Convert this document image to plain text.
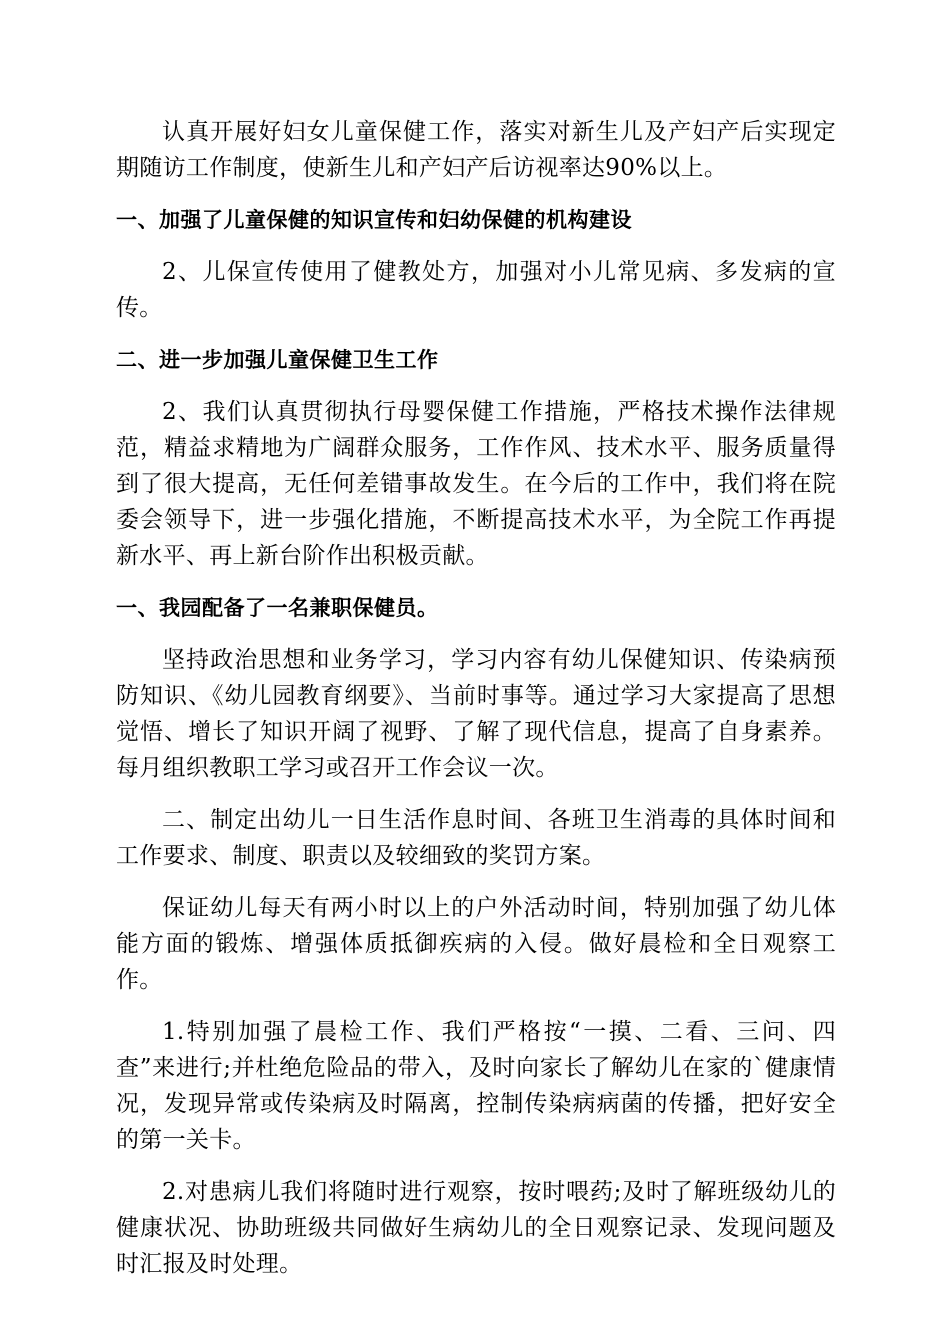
认真开展好妇女儿童保健工作，落实对新生儿及产妇产后实现定期随访工作制度，使新生儿和产妇产后访视率达90%以上。

一、加强了儿童保健的知识宣传和妇幼保健的机构建设

2、儿保宣传使用了健教处方，加强对小儿常见病、多发病的宣传。

二、进一步加强儿童保健卫生工作

2、我们认真贯彻执行母婴保健工作措施，严格技术操作法律规范，精益求精地为广阔群众服务，工作作风、技术水平、服务质量得到了很大提高，无任何差错事故发生。在今后的工作中，我们将在院委会领导下，进一步强化措施，不断提高技术水平，为全院工作再提新水平、再上新台阶作出积极贡献。

一、我园配备了一名兼职保健员。

坚持政治思想和业务学习，学习内容有幼儿保健知识、传染病预防知识、《幼儿园教育纲要》、当前时事等。通过学习大家提高了思想觉悟、增长了知识开阔了视野、了解了现代信息，提高了自身素养。每月组织教职工学习或召开工作会议一次。

二、制定出幼儿一日生活作息时间、各班卫生消毒的具体时间和工作要求、制度、职责以及较细致的奖罚方案。

保证幼儿每天有两小时以上的户外活动时间，特别加强了幼儿体能方面的锻炼、增强体质抵御疾病的入侵。做好晨检和全日观察工作。

1.特别加强了晨检工作、我们严格按“一摸、二看、三问、四查”来进行;并杜绝危险品的带入，及时向家长了解幼儿在家的`健康情况，发现异常或传染病及时隔离，控制传染病病菌的传播，把好安全的第一关卡。

2.对患病儿我们将随时进行观察，按时喂药;及时了解班级幼儿的健康状况、协助班级共同做好生病幼儿的全日观察记录、发现问题及时汇报及时处理。
